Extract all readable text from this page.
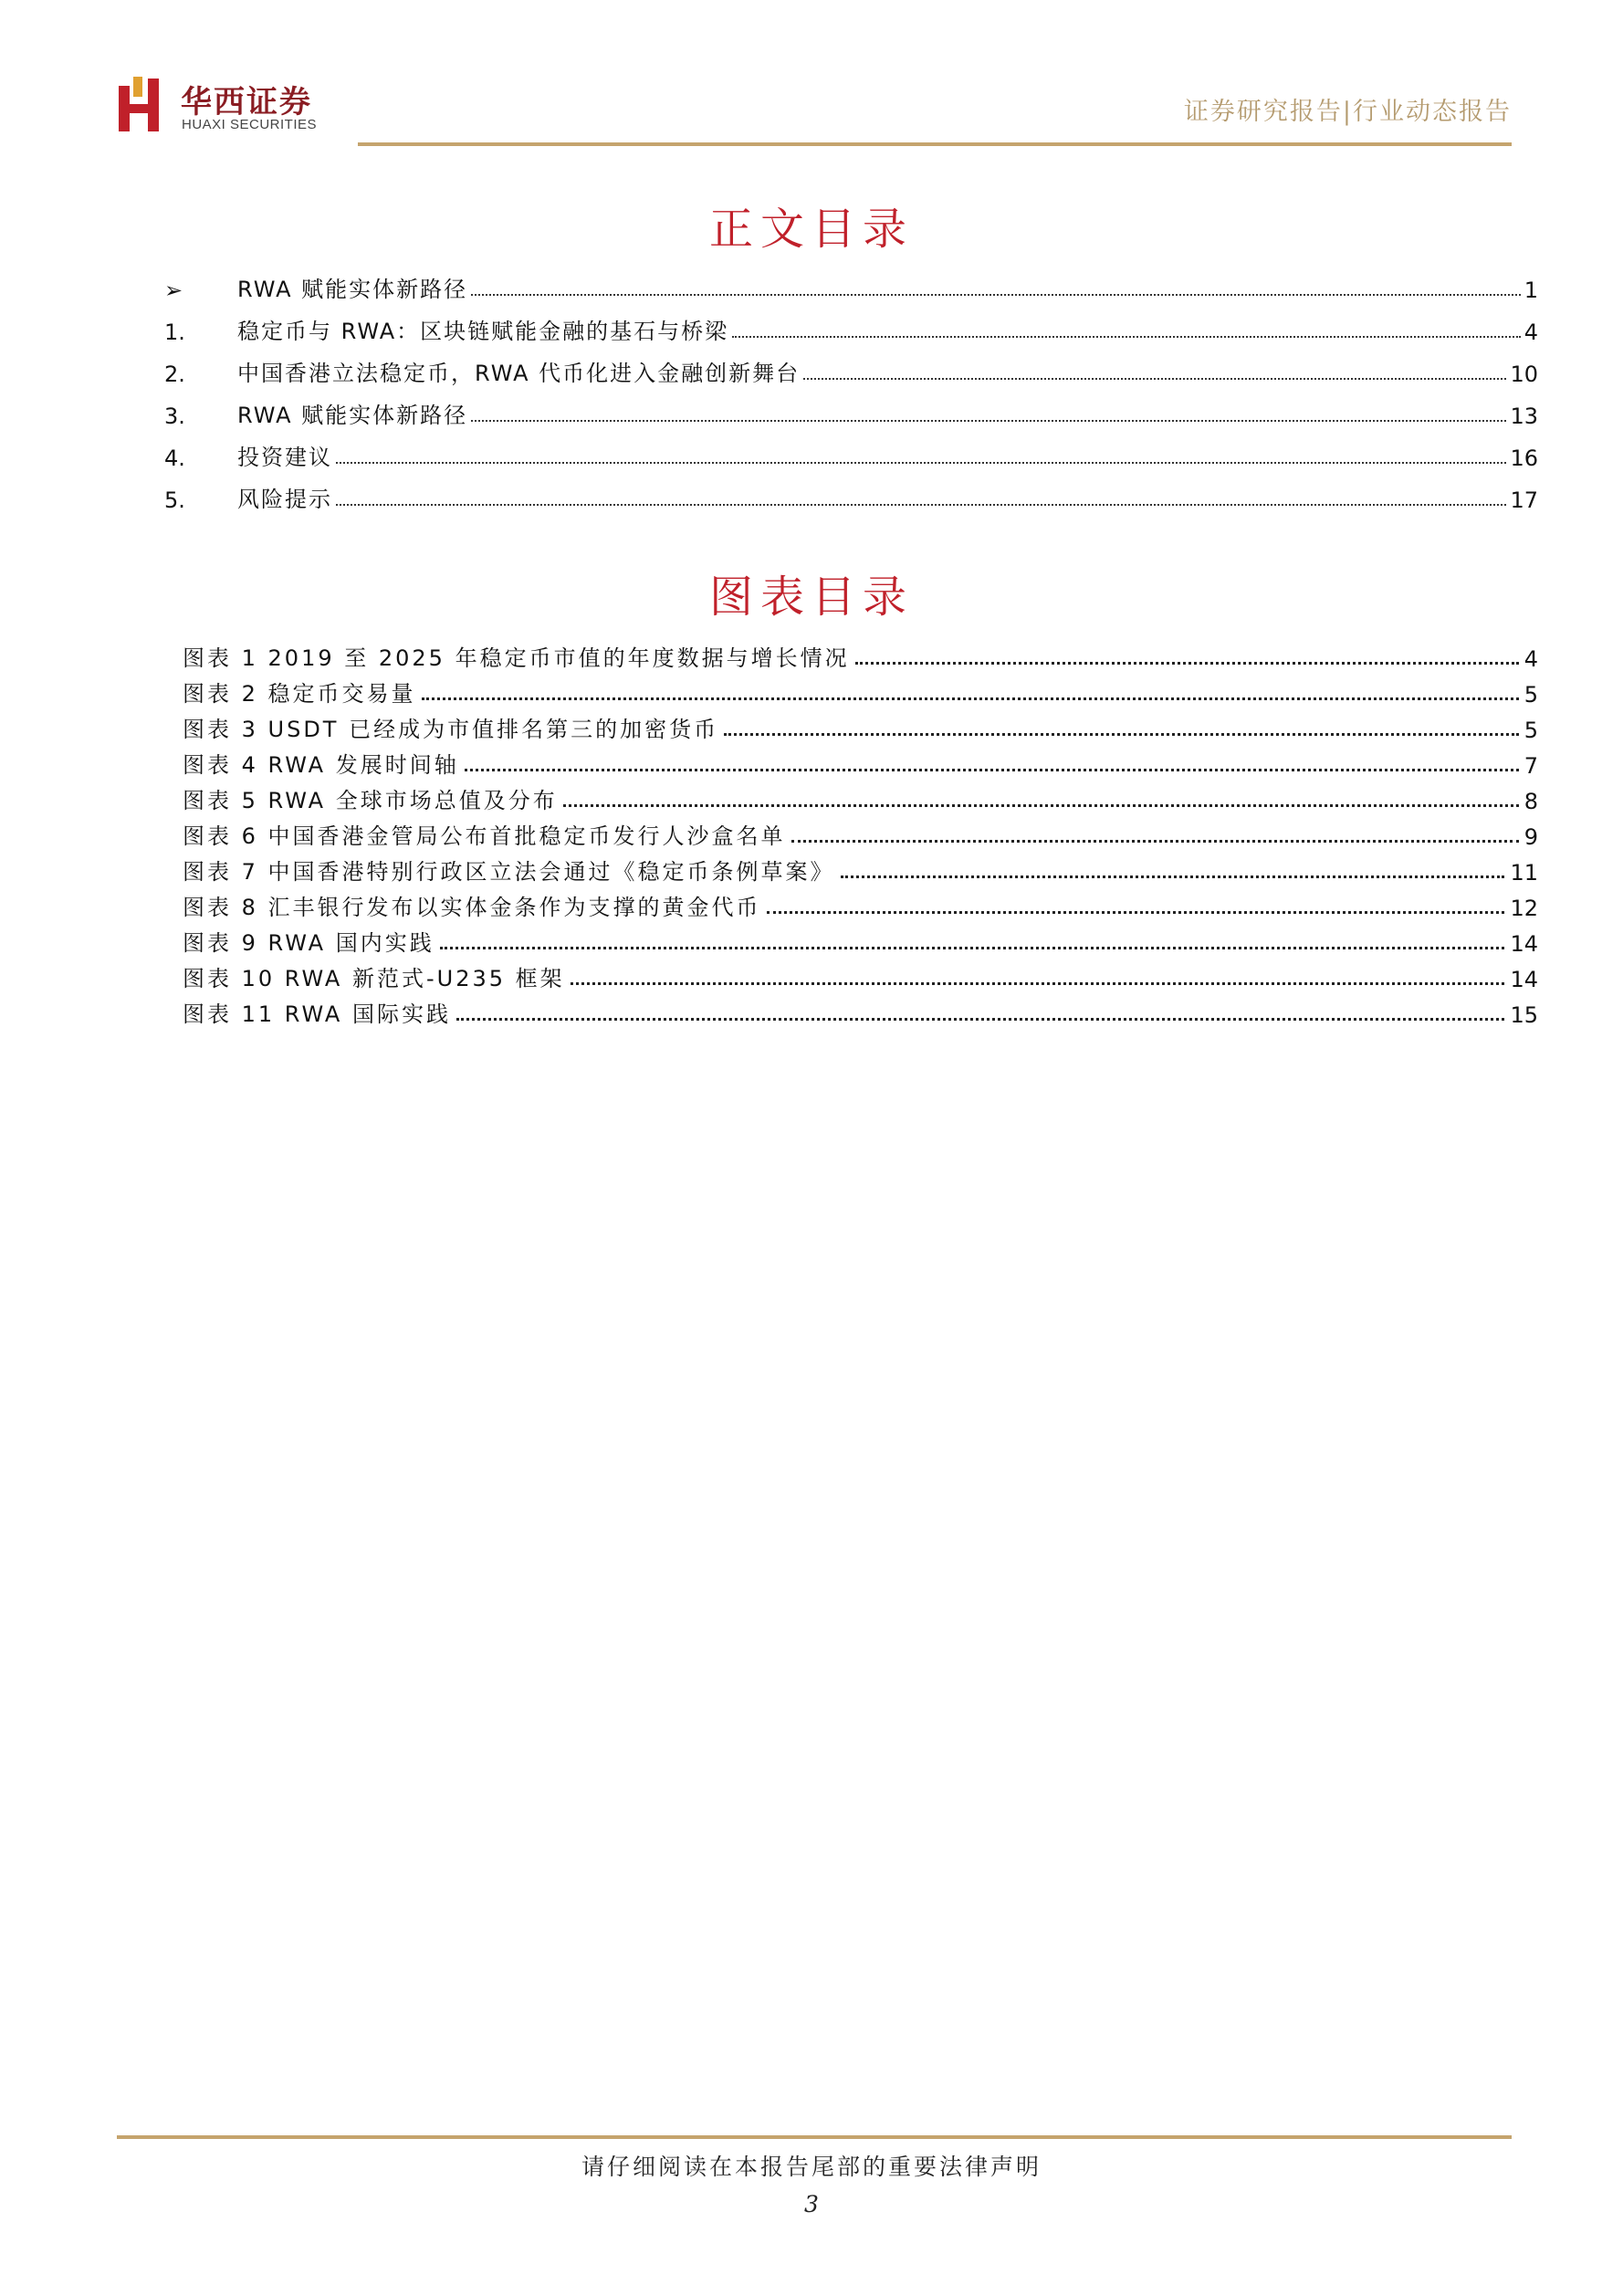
华西证券
HUAXI SECURITIES	证券研究报告|行业动态报告
正文目录
➢	RWA 赋能实体新路径	1
1.	稳定币与 RWA：区块链赋能金融的基石与桥梁	4
2.	中国香港立法稳定币，RWA 代币化进入金融创新舞台	10
3.	RWA 赋能实体新路径	13
4.	投资建议	16
5.	风险提示	17
图表目录
图表 1 2019 至 2025 年稳定币市值的年度数据与增长情况	4
图表 2 稳定币交易量	5
图表 3 USDT 已经成为市值排名第三的加密货币	5
图表 4 RWA 发展时间轴	7
图表 5 RWA 全球市场总值及分布	8
图表 6 中国香港金管局公布首批稳定币发行人沙盒名单	9
图表 7 中国香港特别行政区立法会通过《稳定币条例草案》	11
图表 8 汇丰银行发布以实体金条作为支撑的黄金代币	12
图表 9 RWA 国内实践	14
图表 10 RWA 新范式-U235 框架	14
图表 11 RWA 国际实践	15
请仔细阅读在本报告尾部的重要法律声明
3
